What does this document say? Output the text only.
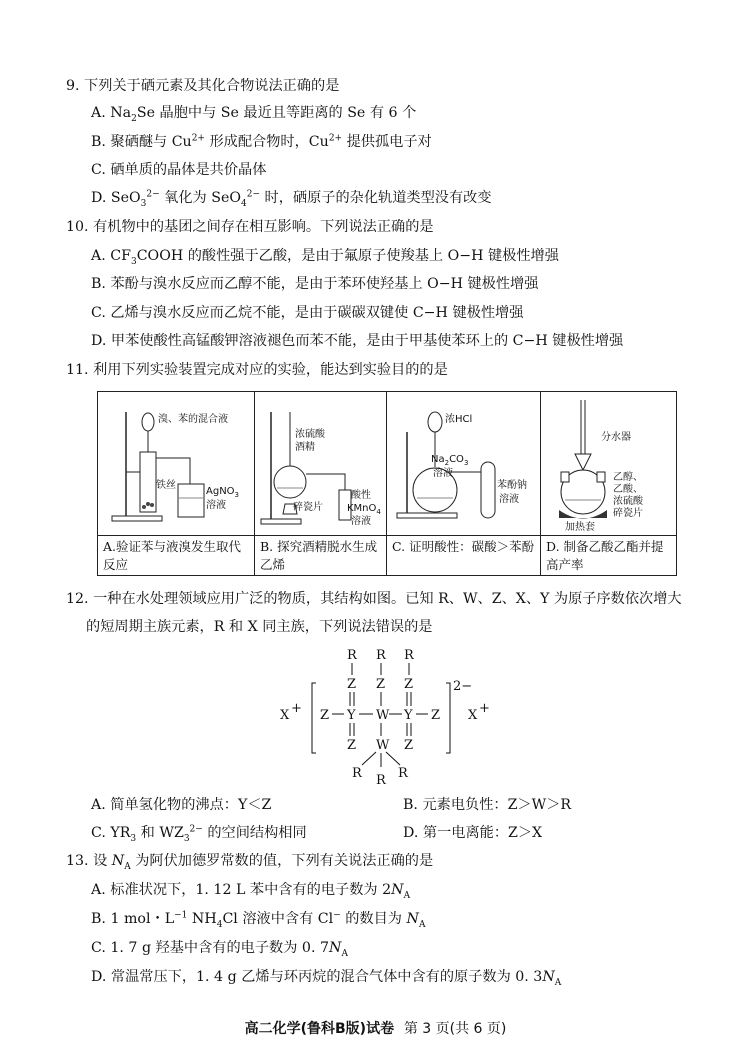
9. 下列关于硒元素及其化合物说法正确的是
A. $Na_2Se$ 晶胞中与 Se 最近且等距离的 Se 有 6 个
B. 聚硒醚与 $Cu^{2+}$ 形成配合物时，$Cu^{2+}$ 提供孤电子对
C. 硒单质的晶体是共价晶体
D. SeO$_3^{2-}$ 氧化为 SeO$_4^{2-}$ 时，硒原子的杂化轨道类型没有改变
10. 有机物中的基团之间存在相互影响。下列说法正确的是
A. $CF_3COOH$ 的酸性强于乙酸，是由于氟原子使羧基上 O−H 键极性增强
B. 苯酚与溴水反应而乙醇不能，是由于苯环使羟基上 O−H 键极性增强
C. 乙烯与溴水反应而乙烷不能，是由于碳碳双键使 C−H 键极性增强
D. 甲苯使酸性高锰酸钾溶液褪色而苯不能，是由于甲基使苯环上的 C−H 键极性增强
11. 利用下列实验装置完成对应的实验，能达到实验目的的是
溴、苯的混合液
铁丝
AgNO$_3$
溶液
A.验证苯与液溴发生取代反应
浓硫酸
酒精
碎瓷片
酸性
KMnO$_4$
溶液
B. 探究酒精脱水生成乙烯
浓HCl
$Na_2CO_3$
溶液
苯酚钠
溶液
C. 证明酸性：碳酸＞苯酚
分水器
乙醇、
乙酸、
浓硫酸
碎瓷片
加热套
D. 制备乙酸乙酯并提高产率
12. 一种在水处理领域应用广泛的物质，其结构如图。已知 R、W、Z、X、Y 为原子序数依次增大
的短周期主族元素，R 和 X 同主族，下列说法错误的是
R R R
Z Z Z
X + Z Y W Y Z
2−
X +
Z W Z
R R R
A. 简单氢化物的沸点：Y＜Z	B. 元素电负性：Z＞W＞R
C. $YR_3$ 和 $WZ_3^{2-}$ 的空间结构相同	D. 第一电离能：Z＞X
13. 设 $N_A$ 为阿伏加德罗常数的值，下列有关说法正确的是
A. 标准状况下，1. 12 L 苯中含有的电子数为 $2N_A$
B. 1 mol・$L^{-1}$ $NH_4Cl$ 溶液中含有 Cl− 的数目为 $N_A$
C. 1. 7 g 羟基中含有的电子数为 0. $7N_A$
D. 常温常压下，1. 4 g 乙烯与环丙烷的混合气体中含有的原子数为 0. $3N_A$
高二化学(鲁科B版)试卷 第 3 页(共 6 页)
